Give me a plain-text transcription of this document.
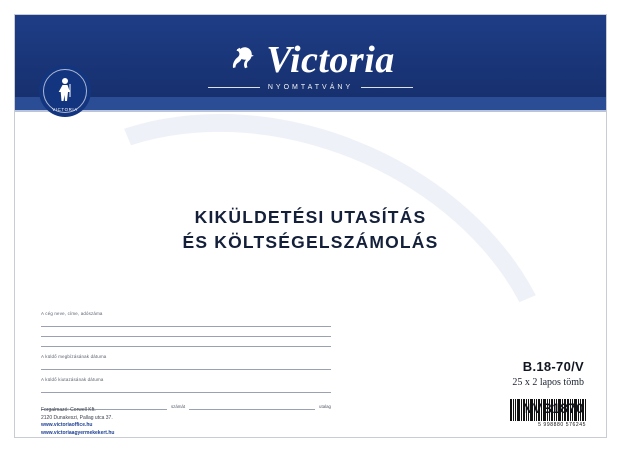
Victoria
NYOMTATVÁNY
VICTORIA
KIKÜLDETÉSI UTASÍTÁS
ÉS KÖLTSÉGELSZÁMOLÁS
A cég neve, címe, adószáma
A küldő megbízásának dátuma
A küldő kiutazásának dátuma
számát	utalag
Forgalmazó: Corwell Kft.
2120 Dunakeszi, Pallag utca 37.
www.victoriaoffice.hu
www.victoriaagyermekekert.hu
B.18-70/V
25 x 2 lapos tömb
5 998880 576245
